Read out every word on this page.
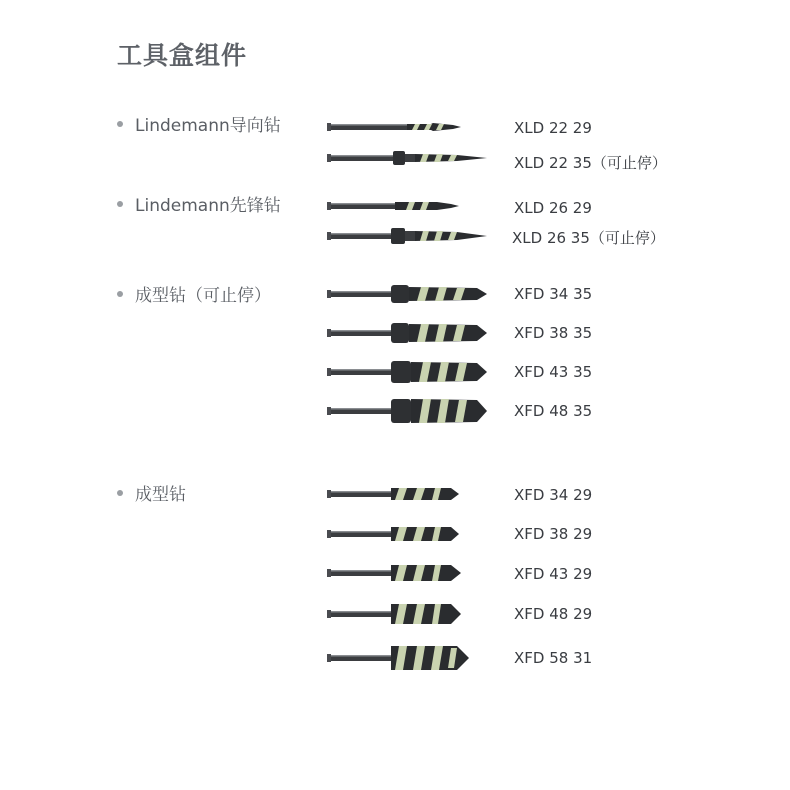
工具盒组件
Lindemann导向钻
Lindemann先锋钻
成型钻（可止停）
成型钻
XLD 22 29
XLD 22 35（可止停）
XLD 26 29
XLD 26 35（可止停）
XFD 34 35
XFD 38 35
XFD 43 35
XFD 48 35
XFD 34 29
XFD 38 29
XFD 43 29
XFD 48 29
XFD 58 31
